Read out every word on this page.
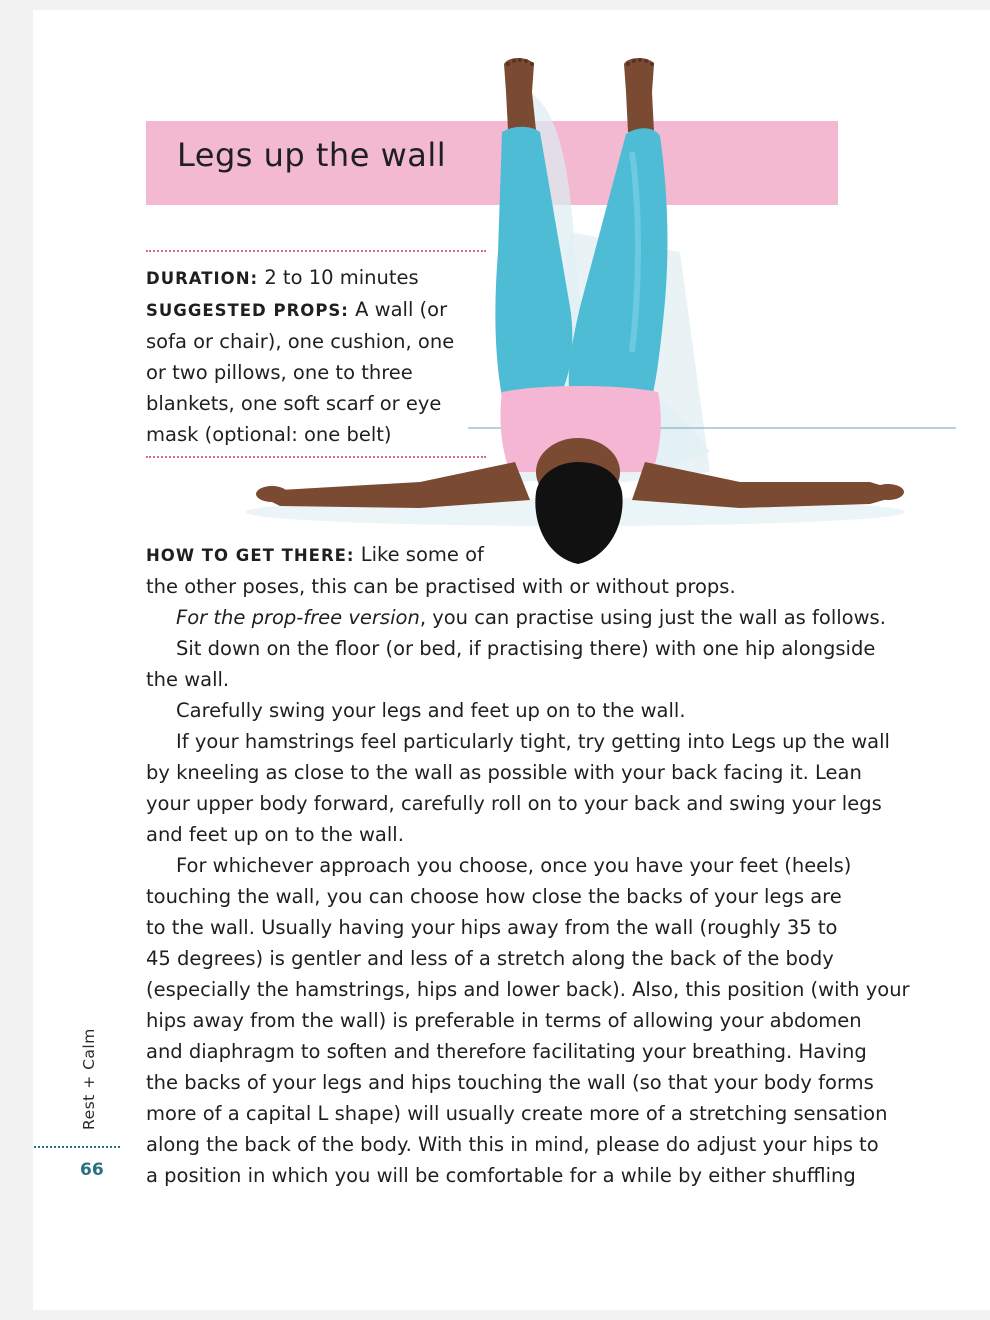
Legs up the wall
DURATION: 2 to 10 minutes
SUGGESTED PROPS: A wall (or sofa or chair), one cushion, one or two pillows, one to three blankets, one soft scarf or eye mask (optional: one belt)

HOW TO GET THERE: Like some of

the other poses, this can be practised with or without props.

For the prop-free version, you can practise using just the wall as follows.

Sit down on the floor (or bed, if practising there) with one hip alongside

the wall.

Carefully swing your legs and feet up on to the wall.

If your hamstrings feel particularly tight, try getting into Legs up the wall

by kneeling as close to the wall as possible with your back facing it. Lean

your upper body forward, carefully roll on to your back and swing your legs

and feet up on to the wall.

For whichever approach you choose, once you have your feet (heels)

touching the wall, you can choose how close the backs of your legs are

to the wall. Usually having your hips away from the wall (roughly 35 to

45 degrees) is gentler and less of a stretch along the back of the body

(especially the hamstrings, hips and lower back). Also, this position (with your

hips away from the wall) is preferable in terms of allowing your abdomen

and diaphragm to soften and therefore facilitating your breathing. Having

the backs of your legs and hips touching the wall (so that your body forms

more of a capital L shape) will usually create more of a stretching sensation

along the back of the body. With this in mind, please do adjust your hips to

a position in which you will be comfortable for a while by either shuffling

Rest + Calm
66
